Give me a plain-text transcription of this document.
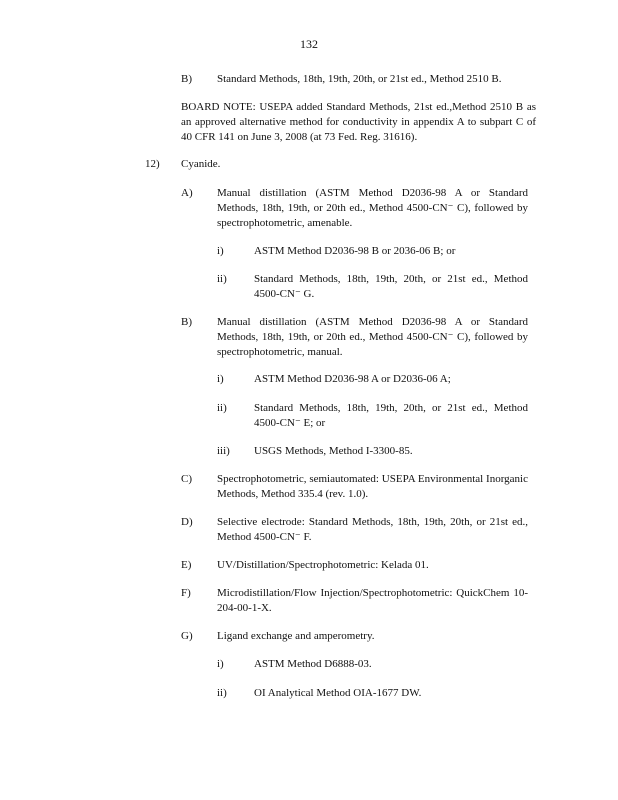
132
B) Standard Methods, 18th, 19th, 20th, or 21st ed., Method 2510 B.
BOARD NOTE: USEPA added Standard Methods, 21st ed.,Method 2510 B as an approved alternative method for conductivity in appendix A to subpart C of 40 CFR 141 on June 3, 2008 (at 73 Fed. Reg. 31616).
12) Cyanide.
A) Manual distillation (ASTM Method D2036-98 A or Standard Methods, 18th, 19th, or 20th ed., Method 4500-CN⁻ C), followed by spectrophotometric, amenable.
i)	ASTM Method D2036-98 B or 2036-06 B; or
ii) Standard Methods, 18th, 19th, 20th, or 21st ed., Method 4500-CN⁻ G.
B) Manual distillation (ASTM Method D2036-98 A or Standard Methods, 18th, 19th, or 20th ed., Method 4500-CN⁻ C), followed by spectrophotometric, manual.
i)	ASTM Method D2036-98 A or D2036-06 A;
ii) Standard Methods, 18th, 19th, 20th, or 21st ed., Method 4500-CN⁻ E; or
iii) USGS Methods, Method I-3300-85.
C) Spectrophotometric, semiautomated: USEPA Environmental Inorganic Methods, Method 335.4 (rev. 1.0).
D) Selective electrode: Standard Methods, 18th, 19th, 20th, or 21st ed., Method 4500-CN⁻ F.
E) UV/Distillation/Spectrophotometric: Kelada 01.
F) Microdistillation/Flow Injection/Spectrophotometric: QuickChem 10-204-00-1-X.
G) Ligand exchange and amperometry.
i)	ASTM Method D6888-03.
ii) OI Analytical Method OIA-1677 DW.
